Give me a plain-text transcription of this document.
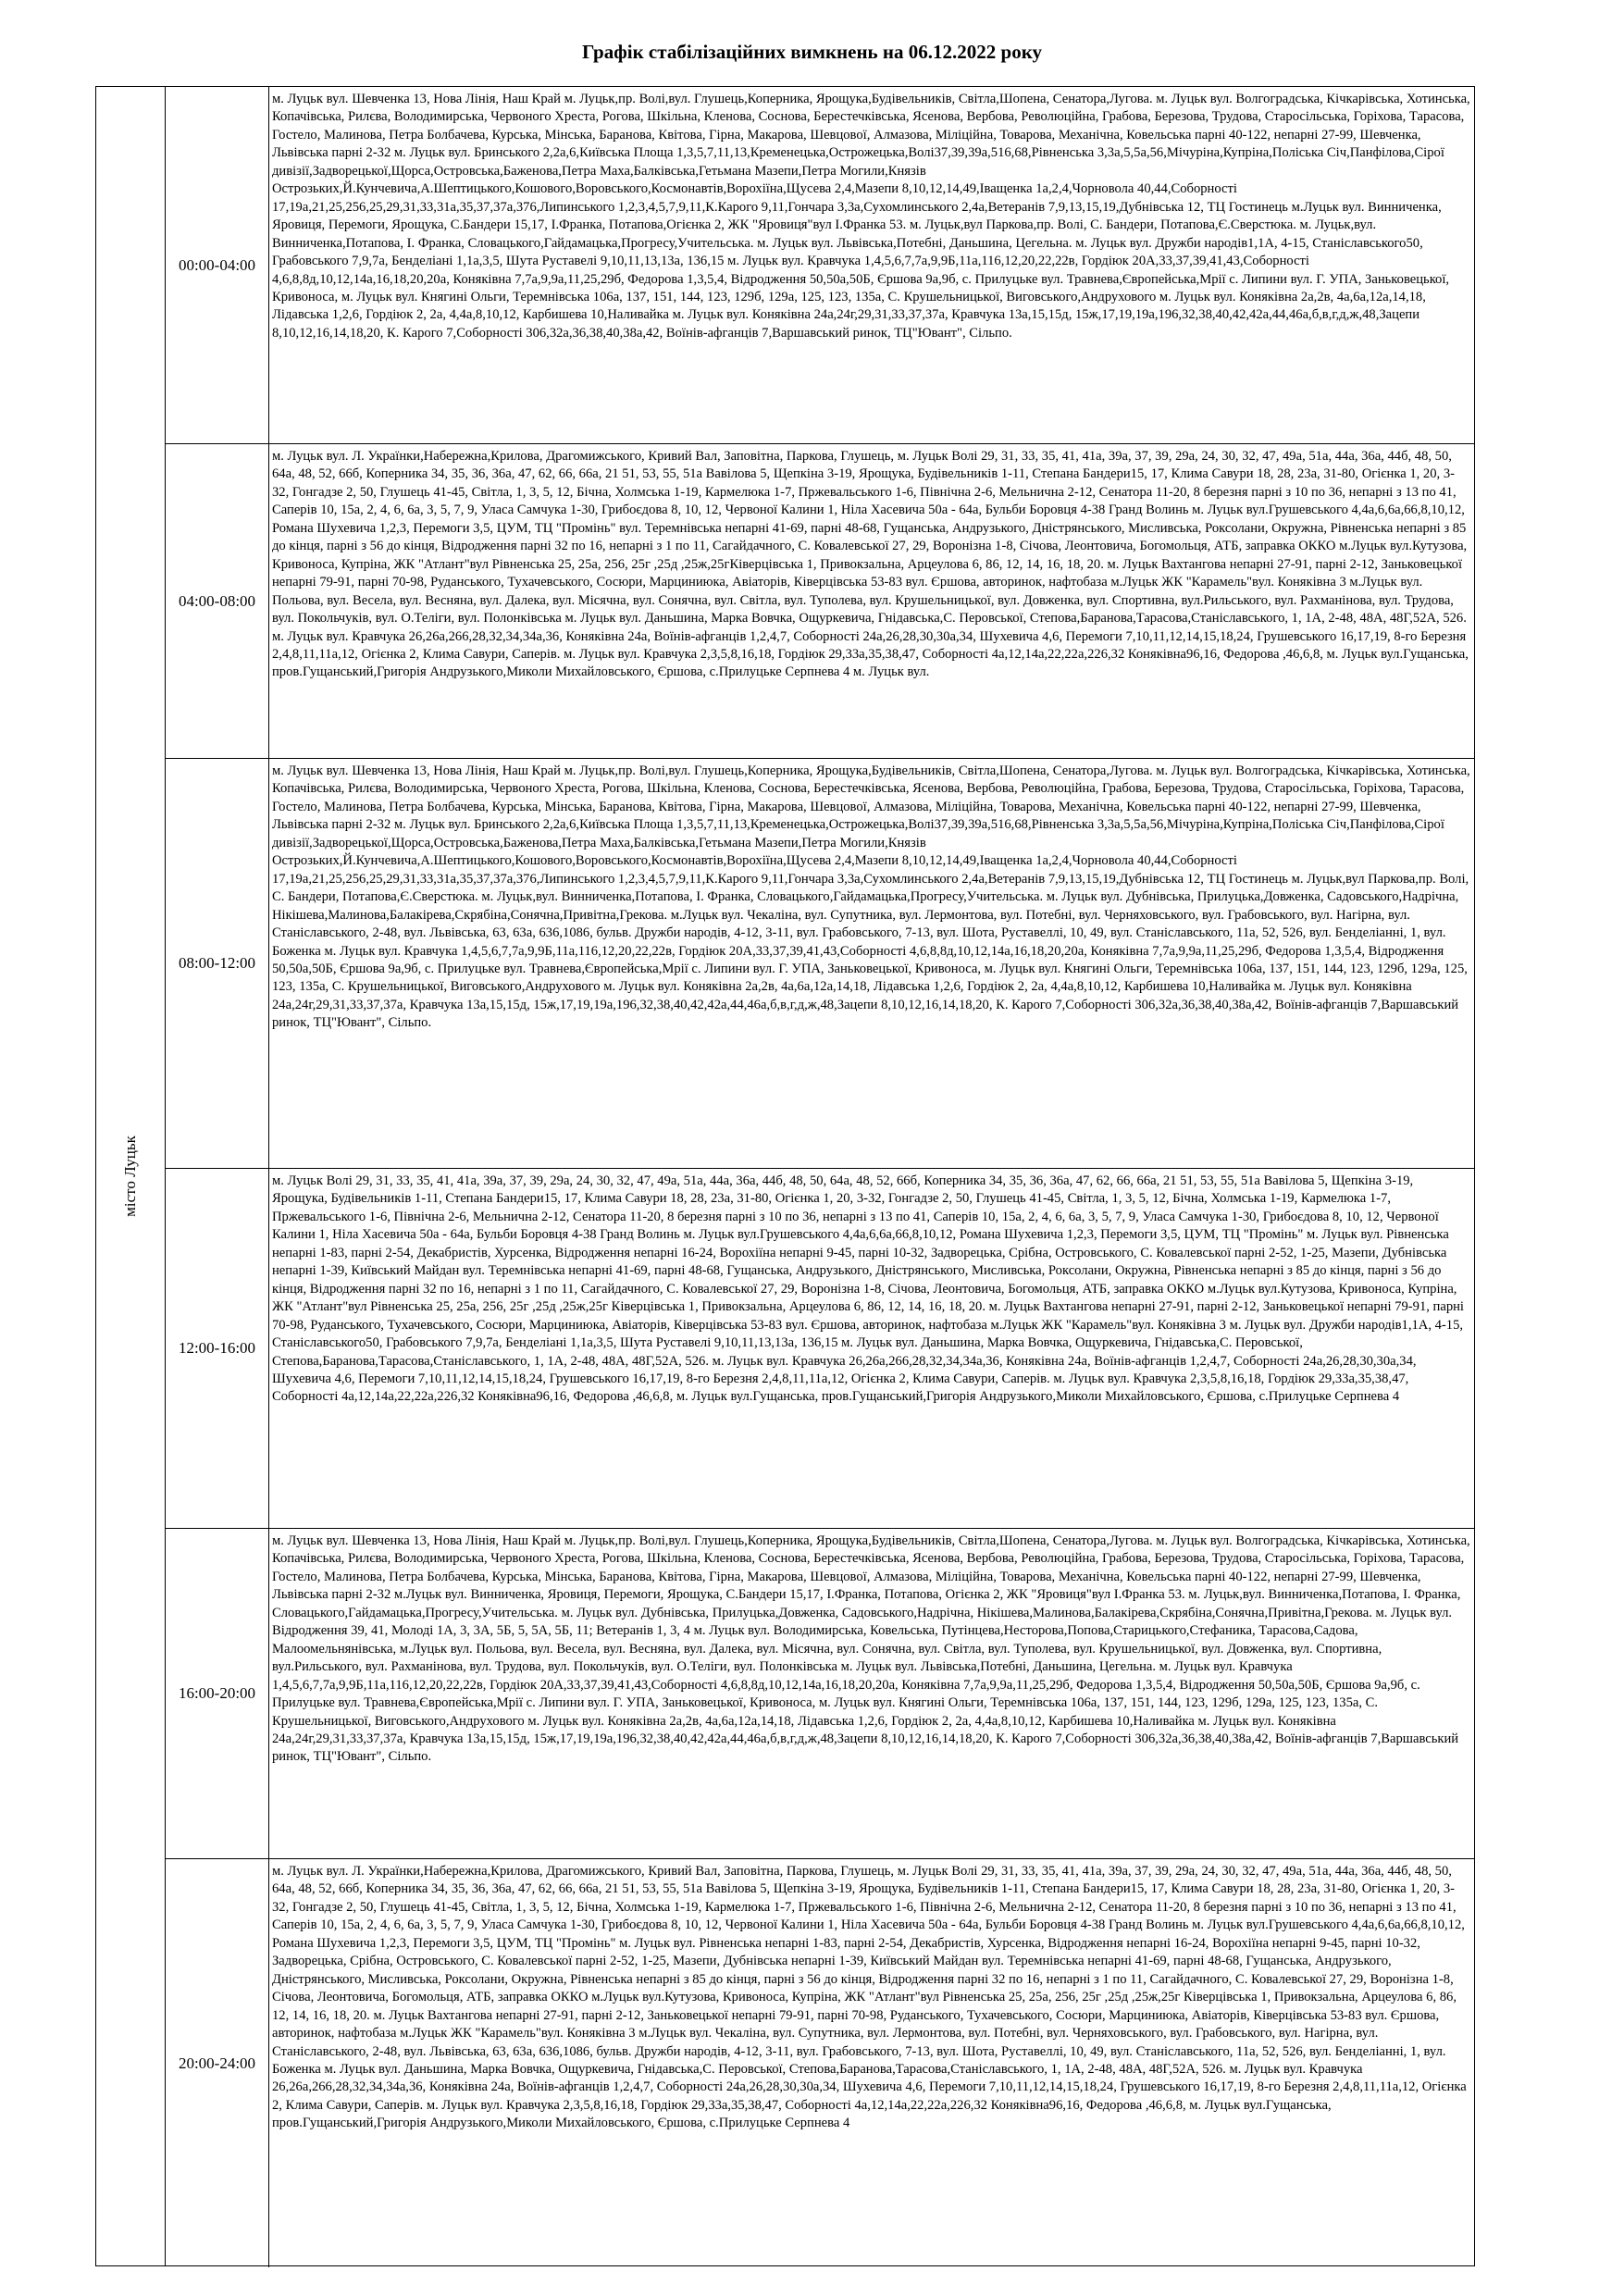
Графік стабілізаційних вимкнень на 06.12.2022 року
місто Луцьк
00:00-04:00
м. Луцьк вул. Шевченка 13, Нова Лінія, Наш Край м. Луцьк,пр. Волі,вул. Глушець,Коперника, Ярощука,Будівельників, Світла,Шопена, Сенатора,Лугова. м. Луцьк вул. Волгоградська, Кічкарівська, Хотинська, Копачівська, Рилєва, Володимирська, Червоного Хреста, Рогова, Шкільна, Кленова, Соснова, Берестечківська, Ясенова, Вербова, Революційна, Грабова, Березова, Трудова, Старосільська, Горіхова, Тарасова, Гостело, Малинова, Петра Болбачева, Курська, Мінська, Баранова, Квітова, Гірна, Макарова, Шевцової, Алмазова, Міліційна, Товарова, Механічна, Ковельська парні 40-122, непарні 27-99, Шевченка, Львівська парні 2-32 м. Луцьк вул. Бринського 2,2а,6,Київська Площа 1,3,5,7,11,13,Кременецька,Острожецька,Волі37,39,39а,516,68,Рівненська 3,3а,5,5а,56,Мічуріна,Купріна,Поліська Січ,Панфілова,Сірої дивізії,Задворецької,Щорса,Островська,Баженова,Петра Маха,Балківська,Гетьмана Мазепи,Петра Могили,Князів Острозьких,Й.Кунчевича,А.Шептицького,Кошового,Воровського,Космонавтів,Ворохіїна,Щусева 2,4,Мазепи 8,10,12,14,49,Іващенка 1а,2,4,Чорновола 40,44,Соборності 17,19а,21,25,256,25,29,31,33,31а,35,37,37а,376,Липинського 1,2,3,4,5,7,9,11,К.Карого 9,11,Гончара 3,3а,Сухомлинського 2,4а,Ветеранів 7,9,13,15,19,Дубнівська 12, ТЦ Гостинець м.Луцьк вул. Винниченка, Яровиця, Перемоги, Ярощука, С.Бандери 15,17, І.Франка, Потапова,Огієнка 2, ЖК "Яровиця"вул І.Франка 53. м. Луцьк,вул Паркова,пр. Волі, С. Бандери, Потапова,Є.Сверстюка. м. Луцьк,вул. Винниченка,Потапова, І. Франка, Словацького,Гайдамацька,Прогресу,Учительська. м. Луцьк вул. Львівська,Потебні, Даньшина, Цегельна. м. Луцьк вул. Дружби народів1,1А, 4-15, Станіславського50, Грабовського 7,9,7а, Бенделіані 1,1а,3,5, Шута Руставелі 9,10,11,13,13а, 136,15 м. Луцьк вул. Кравчука 1,4,5,6,7,7а,9,9Б,11а,116,12,20,22,22в, Гордіюк 20А,33,37,39,41,43,Соборності 4,6,8,8д,10,12,14а,16,18,20,20а, Коняківна 7,7а,9,9а,11,25,29б, Федорова 1,3,5,4, Відродження 50,50а,50Б, Єршова 9а,9б, с. Прилуцьке вул. Травнева,Європейська,Мрії с. Липини вул. Г. УПА, Заньковецької, Кривоноса, м. Луцьк вул. Княгині Ольги, Теремнівська 106а, 137, 151, 144, 123, 129б, 129а, 125, 123, 135а, С. Крушельницької, Виговського,Андрухового м. Луцьк вул. Коняківна 2а,2в, 4а,6а,12а,14,18, Лідавська 1,2,6, Гордіюк 2, 2а, 4,4а,8,10,12, Карбишева 10,Наливайка м. Луцьк вул. Коняківна 24а,24г,29,31,33,37,37а, Кравчука 13а,15,15д, 15ж,17,19,19а,196,32,38,40,42,42а,44,46а,б,в,г,д,ж,48,Зацепи 8,10,12,16,14,18,20, К. Карого 7,Соборності 306,32а,36,38,40,38а,42, Воїнів-афганців 7,Варшавський ринок, ТЦ"Ювант", Сільпо.
04:00-08:00
м. Луцьк вул. Л. Українки,Набережна,Крилова, Драгомижського, Кривий Вал, Заповітна, Паркова, Глушець, м. Луцьк Волі 29, 31, 33, 35, 41, 41а, 39а, 37, 39, 29а, 24, 30, 32, 47, 49а, 51а, 44а, 36а, 44б, 48, 50, 64а, 48, 52, 66б, Коперника 34, 35, 36, 36а, 47, 62, 66, 66а, 21 51, 53, 55, 51а Вавілова 5, Щепкіна 3-19, Ярощука, Будівельників 1-11, Степана Бандери15, 17, Клима Савури 18, 28, 23а, 31-80, Огієнка 1, 20, 3-32, Гонгадзе 2, 50, Глушець 41-45, Світла, 1, 3, 5, 12, Бічна, Холмська 1-19, Кармелюка 1-7, Пржевальського 1-6, Північна 2-6, Мельнична 2-12, Сенатора 11-20, 8 березня парні з 10 по 36, непарні з 13 по 41, Саперів 10, 15а, 2, 4, 6, 6а, 3, 5, 7, 9, Уласа Самчука 1-30, Грибоєдова 8, 10, 12, Червоної Калини 1, Ніла Хасевича 50а - 64а, Бульби Боровця 4-38 Гранд Волинь м. Луцьк вул.Грушевського 4,4а,6,6а,66,8,10,12, Романа Шухевича 1,2,3, Перемоги 3,5, ЦУМ, ТЦ "Промінь" вул. Теремнівська непарні 41-69, парні 48-68, Гущанська, Андрузького, Дністрянського, Мисливська, Роксолани, Окружна, Рівненська непарні з 85 до кінця, парні з 56 до кінця, Відродження парні 32 по 16, непарні з 1 по 11, Сагайдачного, С. Ковалевської 27, 29, Воронізна 1-8, Січова, Леонтовича, Богомольця, АТБ, заправка ОККО м.Луцьк вул.Кутузова, Кривоноса, Купріна, ЖК "Атлант"вул Рівненська 25, 25а, 256, 25г ,25д ,25ж,25гКіверцівська 1, Привокзальна, Арцеулова 6, 86, 12, 14, 16, 18, 20. м. Луцьк Вахтангова непарні 27-91, парні 2-12, Заньковецької непарні 79-91, парні 70-98, Руданського, Тухачевського, Сосюри, Марциниюка, Авіаторів, Ківерцівська 53-83 вул. Єршова, авторинок, нафтобаза м.Луцьк ЖК "Карамель"вул. Коняківна 3 м.Луцьк вул. Польова, вул. Весела, вул. Весняна, вул. Далека, вул. Місячна, вул. Сонячна, вул. Світла, вул. Туполева, вул. Крушельницької, вул. Довженка, вул. Спортивна, вул.Рильського, вул. Рахманінова, вул. Трудова, вул. Покольчуків, вул. О.Теліги, вул. Полонківська м. Луцьк вул. Даньшина, Марка Вовчка, Ощуркевича, Гнідавська,С. Перовської, Степова,Баранова,Тарасова,Станіславського, 1, 1А, 2-48, 48А, 48Г,52А, 526. м. Луцьк вул. Кравчука 26,26а,266,28,32,34,34а,36, Коняківна 24а, Воїнів-афганців 1,2,4,7, Соборності 24а,26,28,30,30а,34, Шухевича 4,6, Перемоги 7,10,11,12,14,15,18,24, Грушевського 16,17,19, 8-го Березня 2,4,8,11,11а,12, Огієнка 2, Клима Савури, Саперів. м. Луцьк вул. Кравчука 2,3,5,8,16,18, Гордіюк 29,33а,35,38,47, Соборності 4а,12,14а,22,22а,226,32 Коняківна96,16, Федорова ,46,6,8, м. Луцьк вул.Гущанська, пров.Гущанський,Григорія Андрузького,Миколи Михайловського, Єршова, с.Прилуцьке Серпнева 4 м. Луцьк вул.
08:00-12:00
м. Луцьк вул. Шевченка 13, Нова Лінія, Наш Край м. Луцьк,пр. Волі,вул. Глушець,Коперника, Ярощука,Будівельників, Світла,Шопена, Сенатора,Лугова. м. Луцьк вул. Волгоградська, Кічкарівська, Хотинська, Копачівська, Рилєва, Володимирська, Червоного Хреста, Рогова, Шкільна, Кленова, Соснова, Берестечківська, Ясенова, Вербова, Революційна, Грабова, Березова, Трудова, Старосільська, Горіхова, Тарасова, Гостело, Малинова, Петра Болбачева, Курська, Мінська, Баранова, Квітова, Гірна, Макарова, Шевцової, Алмазова, Міліційна, Товарова, Механічна, Ковельська парні 40-122, непарні 27-99, Шевченка, Львівська парні 2-32 м. Луцьк вул. Бринського 2,2а,6,Київська Площа 1,3,5,7,11,13,Кременецька,Острожецька,Волі37,39,39а,516,68,Рівненська 3,3а,5,5а,56,Мічуріна,Купріна,Поліська Січ,Панфілова,Сірої дивізії,Задворецької,Щорса,Островська,Баженова,Петра Маха,Балківська,Гетьмана Мазепи,Петра Могили,Князів Острозьких,Й.Кунчевича,А.Шептицького,Кошового,Воровського,Космонавтів,Ворохіїна,Щусева 2,4,Мазепи 8,10,12,14,49,Іващенка 1а,2,4,Чорновола 40,44,Соборності 17,19а,21,25,256,25,29,31,33,31а,35,37,37а,376,Липинського 1,2,3,4,5,7,9,11,К.Карого 9,11,Гончара 3,3а,Сухомлинського 2,4а,Ветеранів 7,9,13,15,19,Дубнівська 12, ТЦ Гостинець м. Луцьк,вул Паркова,пр. Волі, С. Бандери, Потапова,Є.Сверстюка. м. Луцьк,вул. Винниченка,Потапова, І. Франка, Словацького,Гайдамацька,Прогресу,Учительська. м. Луцьк вул. Дубнівська, Прилуцька,Довженка, Садовського,Надрічна, Нікішева,Малинова,Балакірева,Скрябіна,Сонячна,Привітна,Грекова. м.Луцьк вул. Чекаліна, вул. Супутника, вул. Лермонтова, вул. Потебні, вул. Черняховського, вул. Грабовського, вул. Нагірна, вул. Станіславського, 2-48, вул. Львівська, 63, 63а, 636,1086, бульв. Дружби народів, 4-12, 3-11, вул. Грабовського, 7-13, вул. Шота, Руставеллі, 10, 49, вул. Станіславського, 11а, 52, 526, вул. Бенделіанні, 1, вул. Боженка м. Луцьк вул. Кравчука 1,4,5,6,7,7а,9,9Б,11а,116,12,20,22,22в, Гордіюк 20А,33,37,39,41,43,Соборності 4,6,8,8д,10,12,14а,16,18,20,20а, Коняківна 7,7а,9,9а,11,25,29б, Федорова 1,3,5,4, Відродження 50,50а,50Б, Єршова 9а,9б, с. Прилуцьке вул. Травнева,Європейська,Мрії с. Липини вул. Г. УПА, Заньковецької, Кривоноса, м. Луцьк вул. Княгині Ольги, Теремнівська 106а, 137, 151, 144, 123, 129б, 129а, 125, 123, 135а, С. Крушельницької, Виговського,Андрухового м. Луцьк вул. Коняківна 2а,2в, 4а,6а,12а,14,18, Лідавська 1,2,6, Гордіюк 2, 2а, 4,4а,8,10,12, Карбишева 10,Наливайка м. Луцьк вул. Коняківна 24а,24г,29,31,33,37,37а, Кравчука 13а,15,15д, 15ж,17,19,19а,196,32,38,40,42,42а,44,46а,б,в,г,д,ж,48,Зацепи 8,10,12,16,14,18,20, К. Карого 7,Соборності 306,32а,36,38,40,38а,42, Воїнів-афганців 7,Варшавський ринок, ТЦ"Ювант", Сільпо.
12:00-16:00
м. Луцьк Волі 29, 31, 33, 35, 41, 41а, 39а, 37, 39, 29а, 24, 30, 32, 47, 49а, 51а, 44а, 36а, 44б, 48, 50, 64а, 48, 52, 66б, Коперника 34, 35, 36, 36а, 47, 62, 66, 66а, 21 51, 53, 55, 51а Вавілова 5, Щепкіна 3-19, Ярощука, Будівельників 1-11, Степана Бандери15, 17, Клима Савури 18, 28, 23а, 31-80, Огієнка 1, 20, 3-32, Гонгадзе 2, 50, Глушець 41-45, Світла, 1, 3, 5, 12, Бічна, Холмська 1-19, Кармелюка 1-7, Пржевальського 1-6, Північна 2-6, Мельнична 2-12, Сенатора 11-20, 8 березня парні з 10 по 36, непарні з 13 по 41, Саперів 10, 15а, 2, 4, 6, 6а, 3, 5, 7, 9, Уласа Самчука 1-30, Грибоєдова 8, 10, 12, Червоної Калини 1, Ніла Хасевича 50а - 64а, Бульби Боровця 4-38 Гранд Волинь м. Луцьк вул.Грушевського 4,4а,6,6а,66,8,10,12, Романа Шухевича 1,2,3, Перемоги 3,5, ЦУМ, ТЦ "Промінь" м. Луцьк вул. Рівненська непарні 1-83, парні 2-54, Декабристів, Хурсенка, Відродження непарні 16-24, Ворохіїна непарні 9-45, парні 10-32, Задворецька, Срібна, Островського, С. Ковалевської парні 2-52, 1-25, Мазепи, Дубнівська непарні 1-39, Київський Майдан вул. Теремнівська непарні 41-69, парні 48-68, Гущанська, Андрузького, Дністрянського, Мисливська, Роксолани, Окружна, Рівненська непарні з 85 до кінця, парні з 56 до кінця, Відродження парні 32 по 16, непарні з 1 по 11, Сагайдачного, С. Ковалевської 27, 29, Воронізна 1-8, Січова, Леонтовича, Богомольця, АТБ, заправка ОККО м.Луцьк вул.Кутузова, Кривоноса, Купріна, ЖК "Атлант"вул Рівненська 25, 25а, 256, 25г ,25д ,25ж,25г Ківерцівська 1, Привокзальна, Арцеулова 6, 86, 12, 14, 16, 18, 20. м. Луцьк Вахтангова непарні 27-91, парні 2-12, Заньковецької непарні 79-91, парні 70-98, Руданського, Тухачевського, Сосюри, Марциниюка, Авіаторів, Ківерцівська 53-83 вул. Єршова, авторинок, нафтобаза м.Луцьк ЖК "Карамель"вул. Коняківна 3 м. Луцьк вул. Дружби народів1,1А, 4-15, Станіславського50, Грабовського 7,9,7а, Бенделіані 1,1а,3,5, Шута Руставелі 9,10,11,13,13а, 136,15 м. Луцьк вул. Даньшина, Марка Вовчка, Ощуркевича, Гнідавська,С. Перовської, Степова,Баранова,Тарасова,Станіславського, 1, 1А, 2-48, 48А, 48Г,52А, 526. м. Луцьк вул. Кравчука 26,26а,266,28,32,34,34а,36, Коняківна 24а, Воїнів-афганців 1,2,4,7, Соборності 24а,26,28,30,30а,34, Шухевича 4,6, Перемоги 7,10,11,12,14,15,18,24, Грушевського 16,17,19, 8-го Березня 2,4,8,11,11а,12, Огієнка 2, Клима Савури, Саперів. м. Луцьк вул. Кравчука 2,3,5,8,16,18, Гордіюк 29,33а,35,38,47, Соборності 4а,12,14а,22,22а,226,32 Коняківна96,16, Федорова ,46,6,8, м. Луцьк вул.Гущанська, пров.Гущанський,Григорія Андрузького,Миколи Михайловського, Єршова, с.Прилуцьке Серпнева 4
16:00-20:00
м. Луцьк вул. Шевченка 13, Нова Лінія, Наш Край м. Луцьк,пр. Волі,вул. Глушець,Коперника, Ярощука,Будівельників, Світла,Шопена, Сенатора,Лугова. м. Луцьк вул. Волгоградська, Кічкарівська, Хотинська, Копачівська, Рилєва, Володимирська, Червоного Хреста, Рогова, Шкільна, Кленова, Соснова, Берестечківська, Ясенова, Вербова, Революційна, Грабова, Березова, Трудова, Старосільська, Горіхова, Тарасова, Гостело, Малинова, Петра Болбачева, Курська, Мінська, Баранова, Квітова, Гірна, Макарова, Шевцової, Алмазова, Міліційна, Товарова, Механічна, Ковельська парні 40-122, непарні 27-99, Шевченка, Львівська парні 2-32 м.Луцьк вул. Винниченка, Яровиця, Перемоги, Ярощука, С.Бандери 15,17, І.Франка, Потапова, Огієнка 2, ЖК "Яровиця"вул І.Франка 53. м. Луцьк,вул. Винниченка,Потапова, І. Франка, Словацького,Гайдамацька,Прогресу,Учительська. м. Луцьк вул. Дубнівська, Прилуцька,Довженка, Садовського,Надрічна, Нікішева,Малинова,Балакірева,Скрябіна,Сонячна,Привітна,Грекова. м. Луцьк вул. Відродження 39, 41, Молоді 1А, 3, 3А, 5Б, 5, 5А, 5Б, 11; Ветеранів 1, 3, 4 м. Луцьк вул. Володимирська, Ковельська, Путінцева,Несторова,Попова,Старицького,Стефаника, Тарасова,Садова, Малоомельнянівська, м.Луцьк вул. Польова, вул. Весела, вул. Весняна, вул. Далека, вул. Місячна, вул. Сонячна, вул. Світла, вул. Туполева, вул. Крушельницької, вул. Довженка, вул. Спортивна, вул.Рильського, вул. Рахманінова, вул. Трудова, вул. Покольчуків, вул. О.Теліги, вул. Полонківська м. Луцьк вул. Львівська,Потебні, Даньшина, Цегельна. м. Луцьк вул. Кравчука 1,4,5,6,7,7а,9,9Б,11а,116,12,20,22,22в, Гордіюк 20А,33,37,39,41,43,Соборності 4,6,8,8д,10,12,14а,16,18,20,20а, Коняківна 7,7а,9,9а,11,25,29б, Федорова 1,3,5,4, Відродження 50,50а,50Б, Єршова 9а,9б, с. Прилуцьке вул. Травнева,Європейська,Мрії с. Липини вул. Г. УПА, Заньковецької, Кривоноса, м. Луцьк вул. Княгині Ольги, Теремнівська 106а, 137, 151, 144, 123, 129б, 129а, 125, 123, 135а, С. Крушельницької, Виговського,Андрухового м. Луцьк вул. Коняківна 2а,2в, 4а,6а,12а,14,18, Лідавська 1,2,6, Гордіюк 2, 2а, 4,4а,8,10,12, Карбишева 10,Наливайка м. Луцьк вул. Коняківна 24а,24г,29,31,33,37,37а, Кравчука 13а,15,15д, 15ж,17,19,19а,196,32,38,40,42,42а,44,46а,б,в,г,д,ж,48,Зацепи 8,10,12,16,14,18,20, К. Карого 7,Соборності 306,32а,36,38,40,38а,42, Воїнів-афганців 7,Варшавський ринок, ТЦ"Ювант", Сільпо.
20:00-24:00
м. Луцьк вул. Л. Українки,Набережна,Крилова, Драгомижського, Кривий Вал, Заповітна, Паркова, Глушець, м. Луцьк Волі 29, 31, 33, 35, 41, 41а, 39а, 37, 39, 29а, 24, 30, 32, 47, 49а, 51а, 44а, 36а, 44б, 48, 50, 64а, 48, 52, 66б, Коперника 34, 35, 36, 36а, 47, 62, 66, 66а, 21 51, 53, 55, 51а Вавілова 5, Щепкіна 3-19, Ярощука, Будівельників 1-11, Степана Бандери15, 17, Клима Савури 18, 28, 23а, 31-80, Огієнка 1, 20, 3-32, Гонгадзе 2, 50, Глушець 41-45, Світла, 1, 3, 5, 12, Бічна, Холмська 1-19, Кармелюка 1-7, Пржевальського 1-6, Північна 2-6, Мельнична 2-12, Сенатора 11-20, 8 березня парні з 10 по 36, непарні з 13 по 41, Саперів 10, 15а, 2, 4, 6, 6а, 3, 5, 7, 9, Уласа Самчука 1-30, Грибоєдова 8, 10, 12, Червоної Калини 1, Ніла Хасевича 50а - 64а, Бульби Боровця 4-38 Гранд Волинь м. Луцьк вул.Грушевського 4,4а,6,6а,66,8,10,12, Романа Шухевича 1,2,3, Перемоги 3,5, ЦУМ, ТЦ "Промінь" м. Луцьк вул. Рівненська непарні 1-83, парні 2-54, Декабристів, Хурсенка, Відродження непарні 16-24, Ворохіїна непарні 9-45, парні 10-32, Задворецька, Срібна, Островського, С. Ковалевської парні 2-52, 1-25, Мазепи, Дубнівська непарні 1-39, Київський Майдан вул. Теремнівська непарні 41-69, парні 48-68, Гущанська, Андрузького, Дністрянського, Мисливська, Роксолани, Окружна, Рівненська непарні з 85 до кінця, парні з 56 до кінця, Відродження парні 32 по 16, непарні з 1 по 11, Сагайдачного, С. Ковалевської 27, 29, Воронізна 1-8, Січова, Леонтовича, Богомольця, АТБ, заправка ОККО м.Луцьк вул.Кутузова, Кривоноса, Купріна, ЖК "Атлант"вул Рівненська 25, 25а, 256, 25г ,25д ,25ж,25г Ківерцівська 1, Привокзальна, Арцеулова 6, 86, 12, 14, 16, 18, 20. м. Луцьк Вахтангова непарні 27-91, парні 2-12, Заньковецької непарні 79-91, парні 70-98, Руданського, Тухачевського, Сосюри, Марциниюка, Авіаторів, Ківерцівська 53-83 вул. Єршова, авторинок, нафтобаза м.Луцьк ЖК "Карамель"вул. Коняківна 3 м.Луцьк вул. Чекаліна, вул. Супутника, вул. Лермонтова, вул. Потебні, вул. Черняховського, вул. Грабовського, вул. Нагірна, вул. Станіславського, 2-48, вул. Львівська, 63, 63а, 636,1086, бульв. Дружби народів, 4-12, 3-11, вул. Грабовського, 7-13, вул. Шота, Руставеллі, 10, 49, вул. Станіславського, 11а, 52, 526, вул. Бенделіанні, 1, вул. Боженка м. Луцьк вул. Даньшина, Марка Вовчка, Ощуркевича, Гнідавська,С. Перовської, Степова,Баранова,Тарасова,Станіславського, 1, 1А, 2-48, 48А, 48Г,52А, 526. м. Луцьк вул. Кравчука 26,26а,266,28,32,34,34а,36, Коняківна 24а, Воїнів-афганців 1,2,4,7, Соборності 24а,26,28,30,30а,34, Шухевича 4,6, Перемоги 7,10,11,12,14,15,18,24, Грушевського 16,17,19, 8-го Березня 2,4,8,11,11а,12, Огієнка 2, Клима Савури, Саперів. м. Луцьк вул. Кравчука 2,3,5,8,16,18, Гордіюк 29,33а,35,38,47, Соборності 4а,12,14а,22,22а,226,32 Коняківна96,16, Федорова ,46,6,8, м. Луцьк вул.Гущанська, пров.Гущанський,Григорія Андрузького,Миколи Михайловського, Єршова, с.Прилуцьке Серпнева 4
